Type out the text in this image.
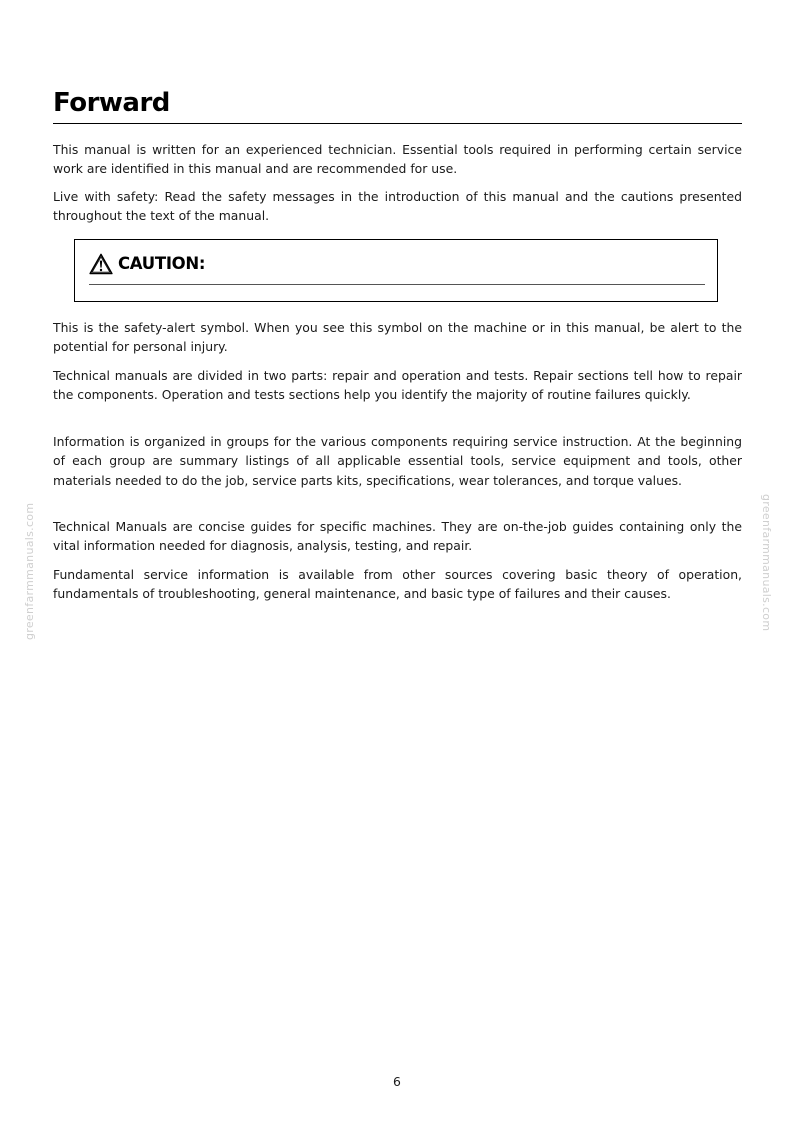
Forward

This manual is written for an experienced technician. Essential tools required in performing certain service work are identified in this manual and are recommended for use.

Live with safety: Read the safety messages in the introduction of this manual and the cautions presented throughout the text of the manual.

CAUTION:

This is the safety-alert symbol. When you see this symbol on the machine or in this manual, be alert to the potential for personal injury.

Technical manuals are divided in two parts: repair and operation and tests. Repair sections tell how to repair the components. Operation and tests sections help you identify the majority of routine failures quickly.

Information is organized in groups for the various components requiring service instruction. At the beginning of each group are summary listings of all applicable essential tools, service equipment and tools, other materials needed to do the job, service parts kits, specifications, wear tolerances, and torque values.

Technical Manuals are concise guides for specific machines. They are on-the-job guides containing only the vital information needed for diagnosis, analysis, testing, and repair.

Fundamental service information is available from other sources covering basic theory of operation, fundamentals of troubleshooting, general maintenance, and basic type of failures and their causes.

greenfarmmanuals.com	greenfarmmanuals.com
6
